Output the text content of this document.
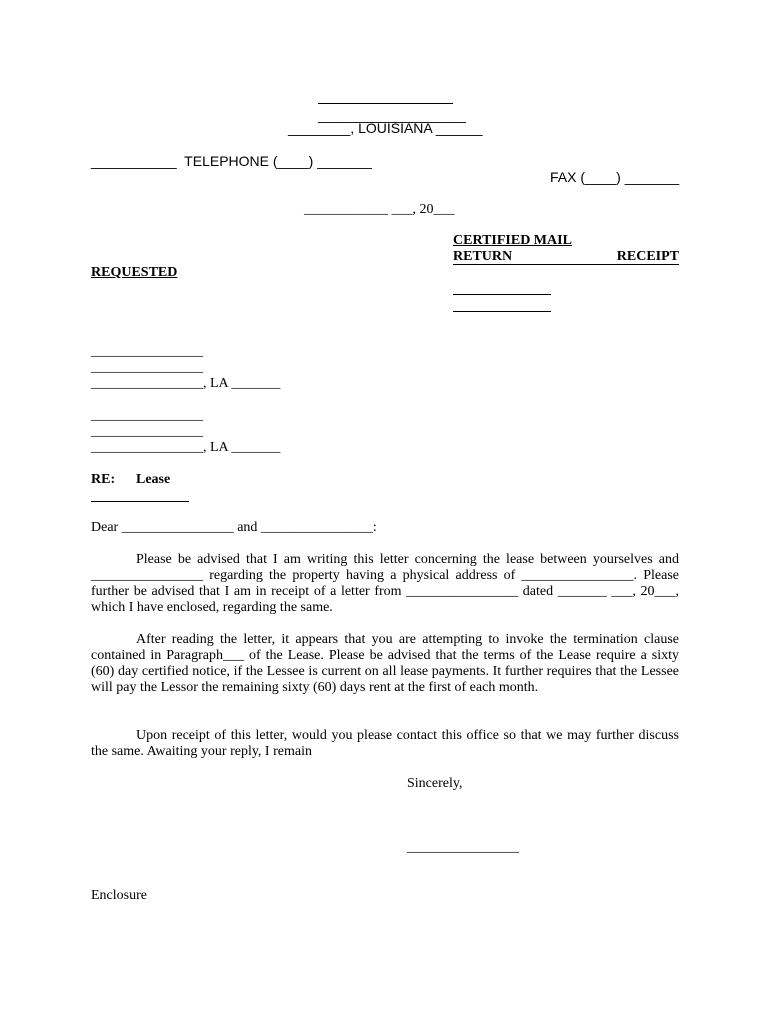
___________________
________, LOUISIANA ______
___________  TELEPHONE (____) _______
FAX (____) _______
____________ ___, 20___
CERTIFIED MAIL
RETURN	RECEIPT
REQUESTED
________________
________________
________________, LA _______
________________
________________
________________, LA _______
RE: Lease
Dear ________________ and ________________:
Please be advised that I am writing this letter concerning the lease between yourselves and ________________ regarding the property having a physical address of ________________. Please further be advised that I am in receipt of a letter from ________________ dated _______ ___, 20___, which I have enclosed, regarding the same.
After reading the letter, it appears that you are attempting to invoke the termination clause contained in Paragraph___ of the Lease. Please be advised that the terms of the Lease require a sixty (60) day certified notice, if the Lessee is current on all lease payments. It further requires that the Lessee will pay the Lessor the remaining sixty (60) days rent at the first of each month.
Upon receipt of this letter, would you please contact this office so that we may further discuss the same. Awaiting your reply, I remain
Sincerely,
________________
Enclosure
